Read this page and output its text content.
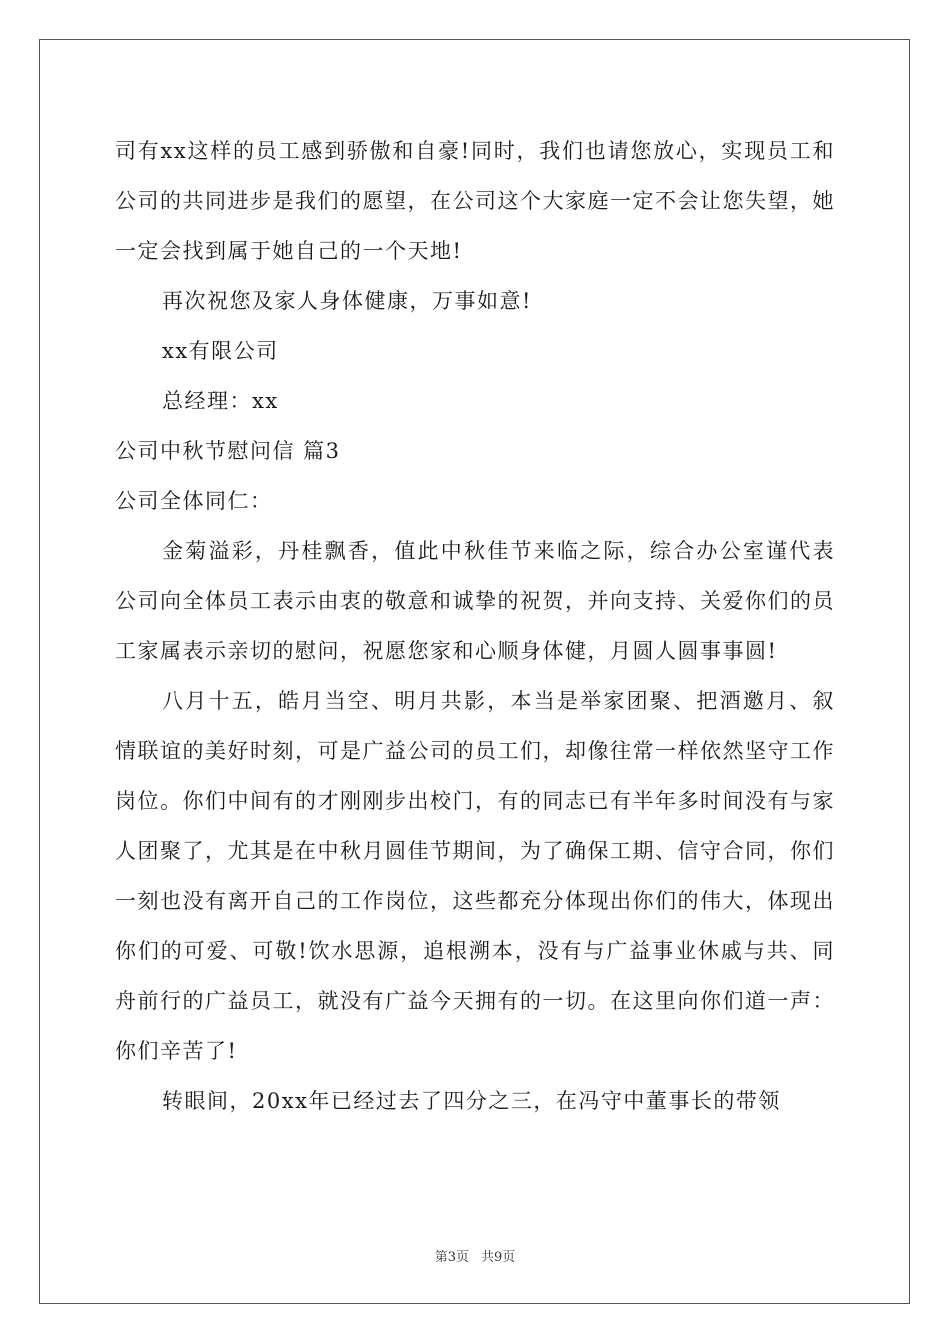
司有xx这样的员工感到骄傲和自豪!同时，我们也请您放心，实现员工和公司的共同进步是我们的愿望，在公司这个大家庭一定不会让您失望，她一定会找到属于她自己的一个天地!

再次祝您及家人身体健康，万事如意!

xx有限公司

总经理：xx

公司中秋节慰问信 篇3

公司全体同仁：

金菊溢彩，丹桂飘香，值此中秋佳节来临之际，综合办公室谨代表公司向全体员工表示由衷的敬意和诚挚的祝贺，并向支持、关爱你们的员工家属表示亲切的慰问，祝愿您家和心顺身体健，月圆人圆事事圆!

八月十五，皓月当空、明月共影，本当是举家团聚、把酒邀月、叙情联谊的美好时刻，可是广益公司的员工们，却像往常一样依然坚守工作岗位。你们中间有的才刚刚步出校门，有的同志已有半年多时间没有与家人团聚了，尤其是在中秋月圆佳节期间，为了确保工期、信守合同，你们一刻也没有离开自己的工作岗位，这些都充分体现出你们的伟大，体现出你们的可爱、可敬!饮水思源，追根溯本，没有与广益事业休戚与共、同舟前行的广益员工，就没有广益今天拥有的一切。在这里向你们道一声：你们辛苦了!

转眼间，20xx年已经过去了四分之三，在冯守中董事长的带领

第3页 共9页
